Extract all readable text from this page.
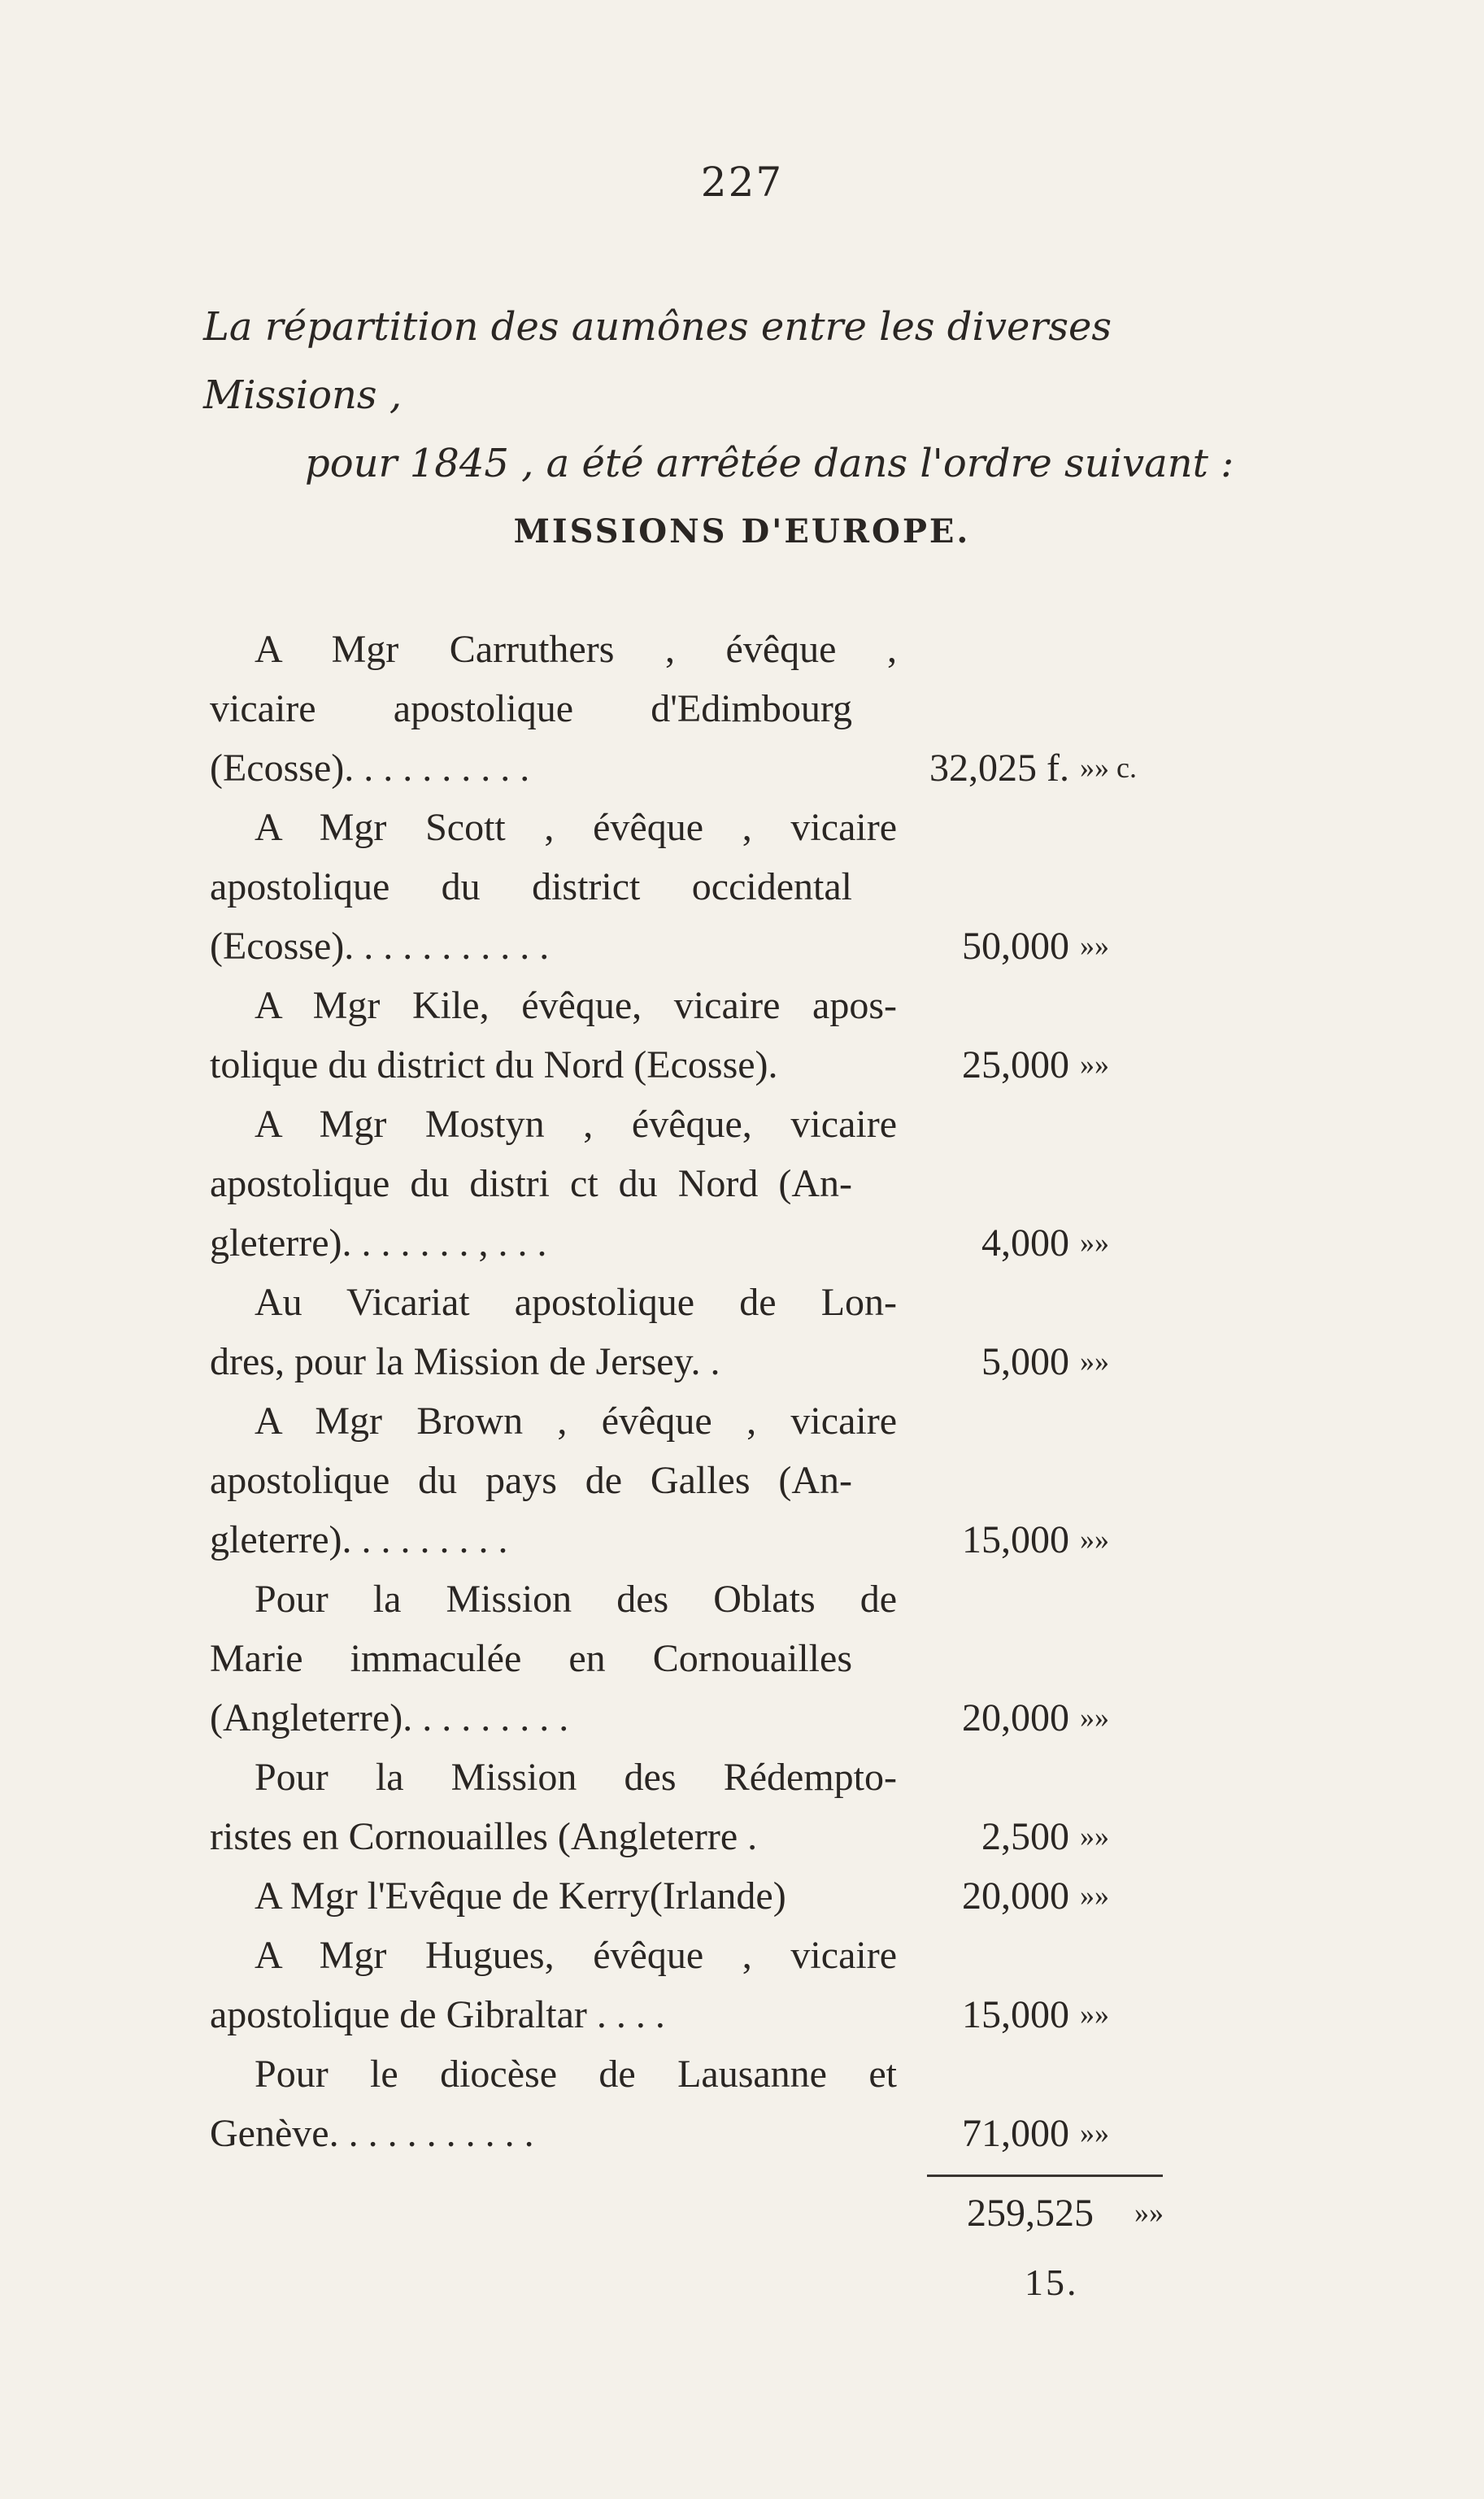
227
La répartition des aumônes entre les diverses Missions ,
pour 1845 , a été arrêtée dans l'ordre suivant :
MISSIONS D'EUROPE.
A Mgr Carruthers , évêque ,
vicaire apostolique d'Edimbourg
(Ecosse). . . . . . . . . .	32,025 f. »» c.
A Mgr Scott , évêque , vicaire
apostolique du district occidental
(Ecosse). . . . . . . . . . .	50,000 »»
A Mgr Kile, évêque, vicaire apos-
tolique du district du Nord (Ecosse).	25,000 »»
A Mgr Mostyn , évêque, vicaire
apostolique du distri ct du Nord (An-
gleterre). . . . . . . , . . .	4,000 »»
Au Vicariat apostolique de Lon-
dres, pour la Mission de Jersey. .	5,000 »»
A Mgr Brown , évêque , vicaire
apostolique du pays de Galles (An-
gleterre). . . . . . . . .	15,000 »»
Pour la Mission des Oblats de
Marie immaculée en Cornouailles
(Angleterre). . . . . . . . .	20,000 »»
Pour la Mission des Rédempto-
ristes en Cornouailles (Angleterre .	2,500 »»
A Mgr l'Evêque de Kerry(Irlande)	20,000 »»
A Mgr Hugues, évêque , vicaire
apostolique de Gibraltar . . . .	15,000 »»
Pour le diocèse de Lausanne et
Genève. . . . . . . . . . .	71,000 »»
259,525 »»
15.
